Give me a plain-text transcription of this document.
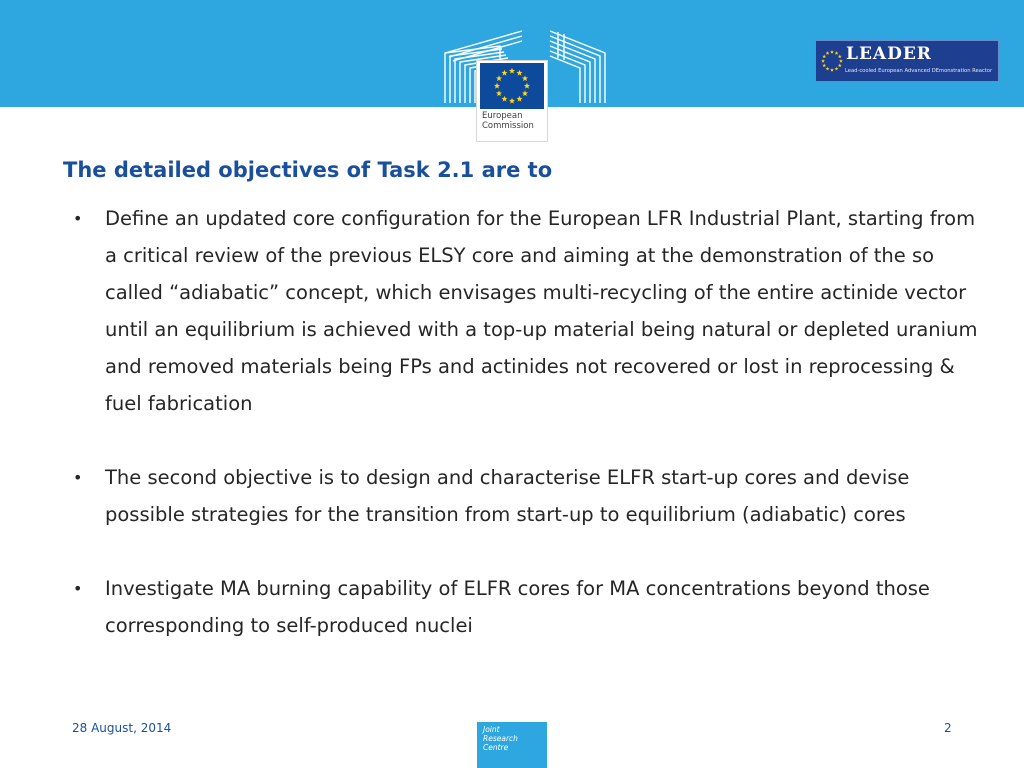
European
Commission
LEADER
Lead-cooled European Advanced DEmonstration Reactor
The detailed objectives of Task 2.1 are to
• Define an updated core configuration for the European LFR Industrial Plant, starting from a critical review of the previous ELSY core and aiming at the demonstration of the so called “adiabatic” concept, which envisages multi-recycling of the entire actinide vector until an equilibrium is achieved with a top-up material being natural or depleted uranium and removed materials being FPs and actinides not recovered or lost in reprocessing & fuel fabrication
• The second objective is to design and characterise ELFR start-up cores and devise possible strategies for the transition from start-up to equilibrium (adiabatic) cores
• Investigate MA burning capability of ELFR cores for MA concentrations beyond those corresponding to self-produced nuclei
28 August, 2014	Joint
Research
Centre
2
